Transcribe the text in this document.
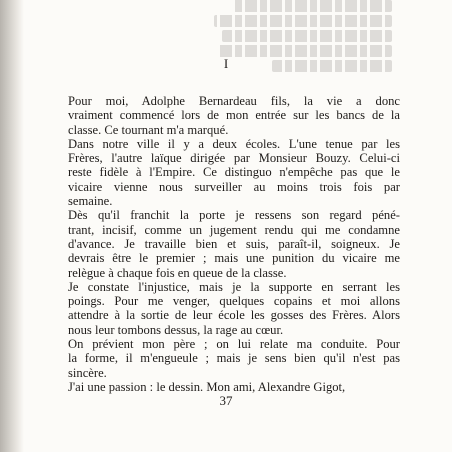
I

Pour moi, Adolphe Bernardeau fils, la vie a donc
vraiment commencé lors de mon entrée sur les bancs de la
classe. Ce tournant m'a marqué.

Dans notre ville il y a deux écoles. L'une tenue par les
Frères, l'autre laïque dirigée par Monsieur Bouzy. Celui-ci
reste fidèle à l'Empire. Ce distinguo n'empêche pas que le
vicaire vienne nous surveiller au moins trois fois par
semaine.

Dès qu'il franchit la porte je ressens son regard péné-
trant, incisif, comme un jugement rendu qui me condamne
d'avance. Je travaille bien et suis, paraît-il, soigneux. Je
devrais être le premier ; mais une punition du vicaire me
relègue à chaque fois en queue de la classe.

Je constate l'injustice, mais je la supporte en serrant les
poings. Pour me venger, quelques copains et moi allons
attendre à la sortie de leur école les gosses des Frères. Alors
nous leur tombons dessus, la rage au cœur.

On prévient mon père ; on lui relate ma conduite. Pour
la forme, il m'engueule ; mais je sens bien qu'il n'est pas
sincère.

J'ai une passion : le dessin. Mon ami, Alexandre Gigot,

37
